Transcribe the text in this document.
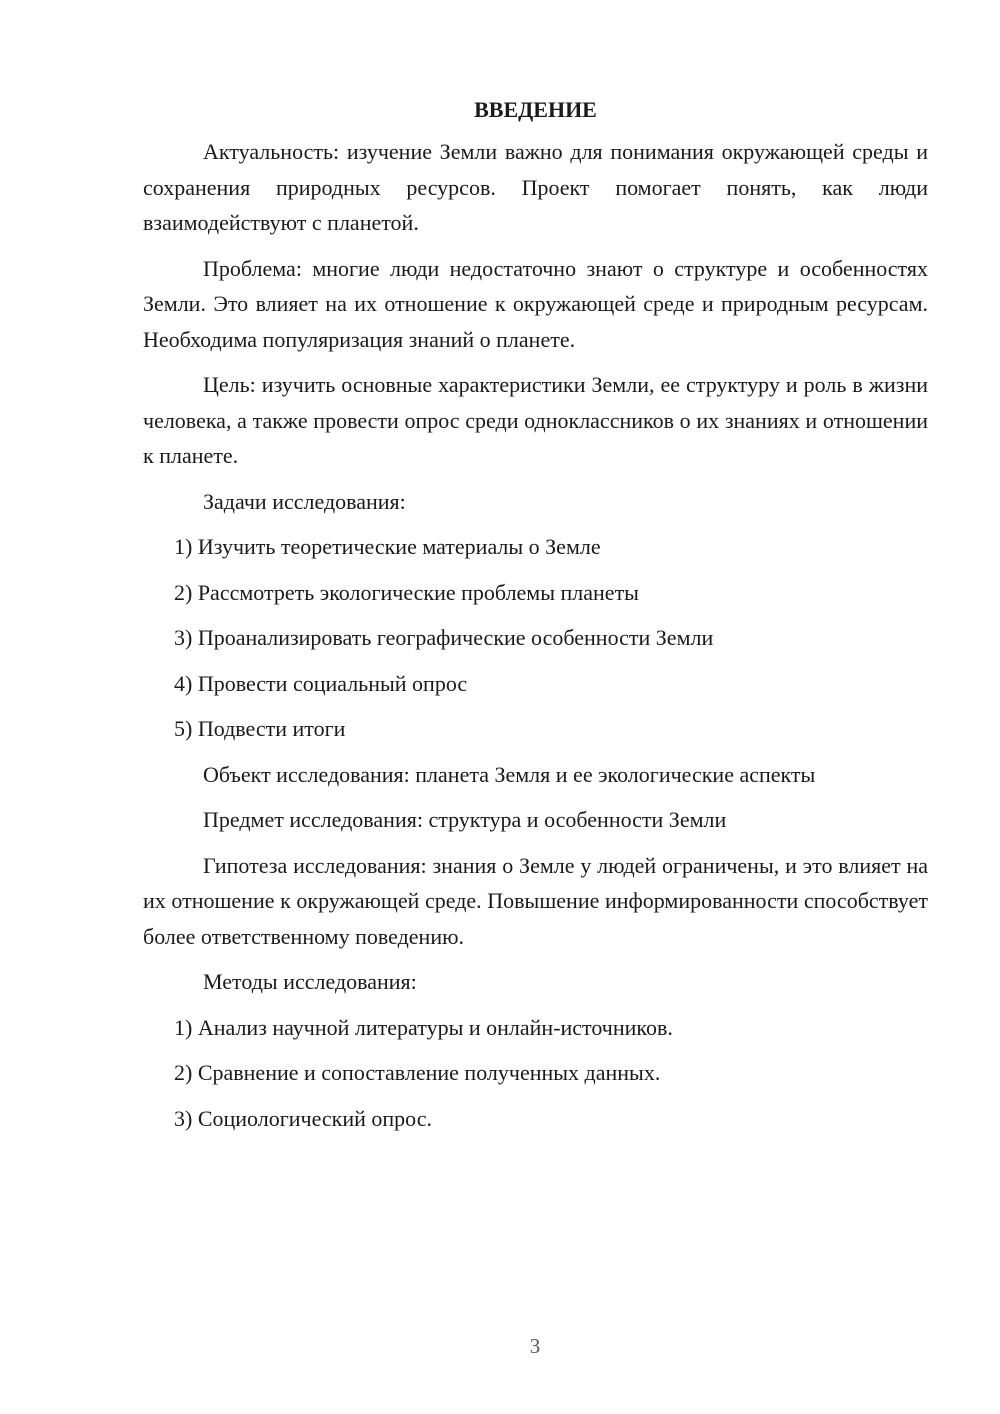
ВВЕДЕНИЕ

Актуальность: изучение Земли важно для понимания окружающей среды и сохранения природных ресурсов. Проект помогает понять, как люди взаимодействуют с планетой.

Проблема: многие люди недостаточно знают о структуре и особенностях Земли. Это влияет на их отношение к окружающей среде и природным ресурсам. Необходима популяризация знаний о планете.

Цель: изучить основные характеристики Земли, ее структуру и роль в жизни человека, а также провести опрос среди одноклассников о их знаниях и отношении к планете.

Задачи исследования:

1) Изучить теоретические материалы о Земле

2) Рассмотреть экологические проблемы планеты

3) Проанализировать географические особенности Земли

4) Провести социальный опрос

5) Подвести итоги

Объект исследования: планета Земля и ее экологические аспекты

Предмет исследования: структура и особенности Земли

Гипотеза исследования: знания о Земле у людей ограничены, и это влияет на их отношение к окружающей среде. Повышение информированности способствует более ответственному поведению.

Методы исследования:

1) Анализ научной литературы и онлайн-источников.

2) Сравнение и сопоставление полученных данных.

3) Социологический опрос.

3
